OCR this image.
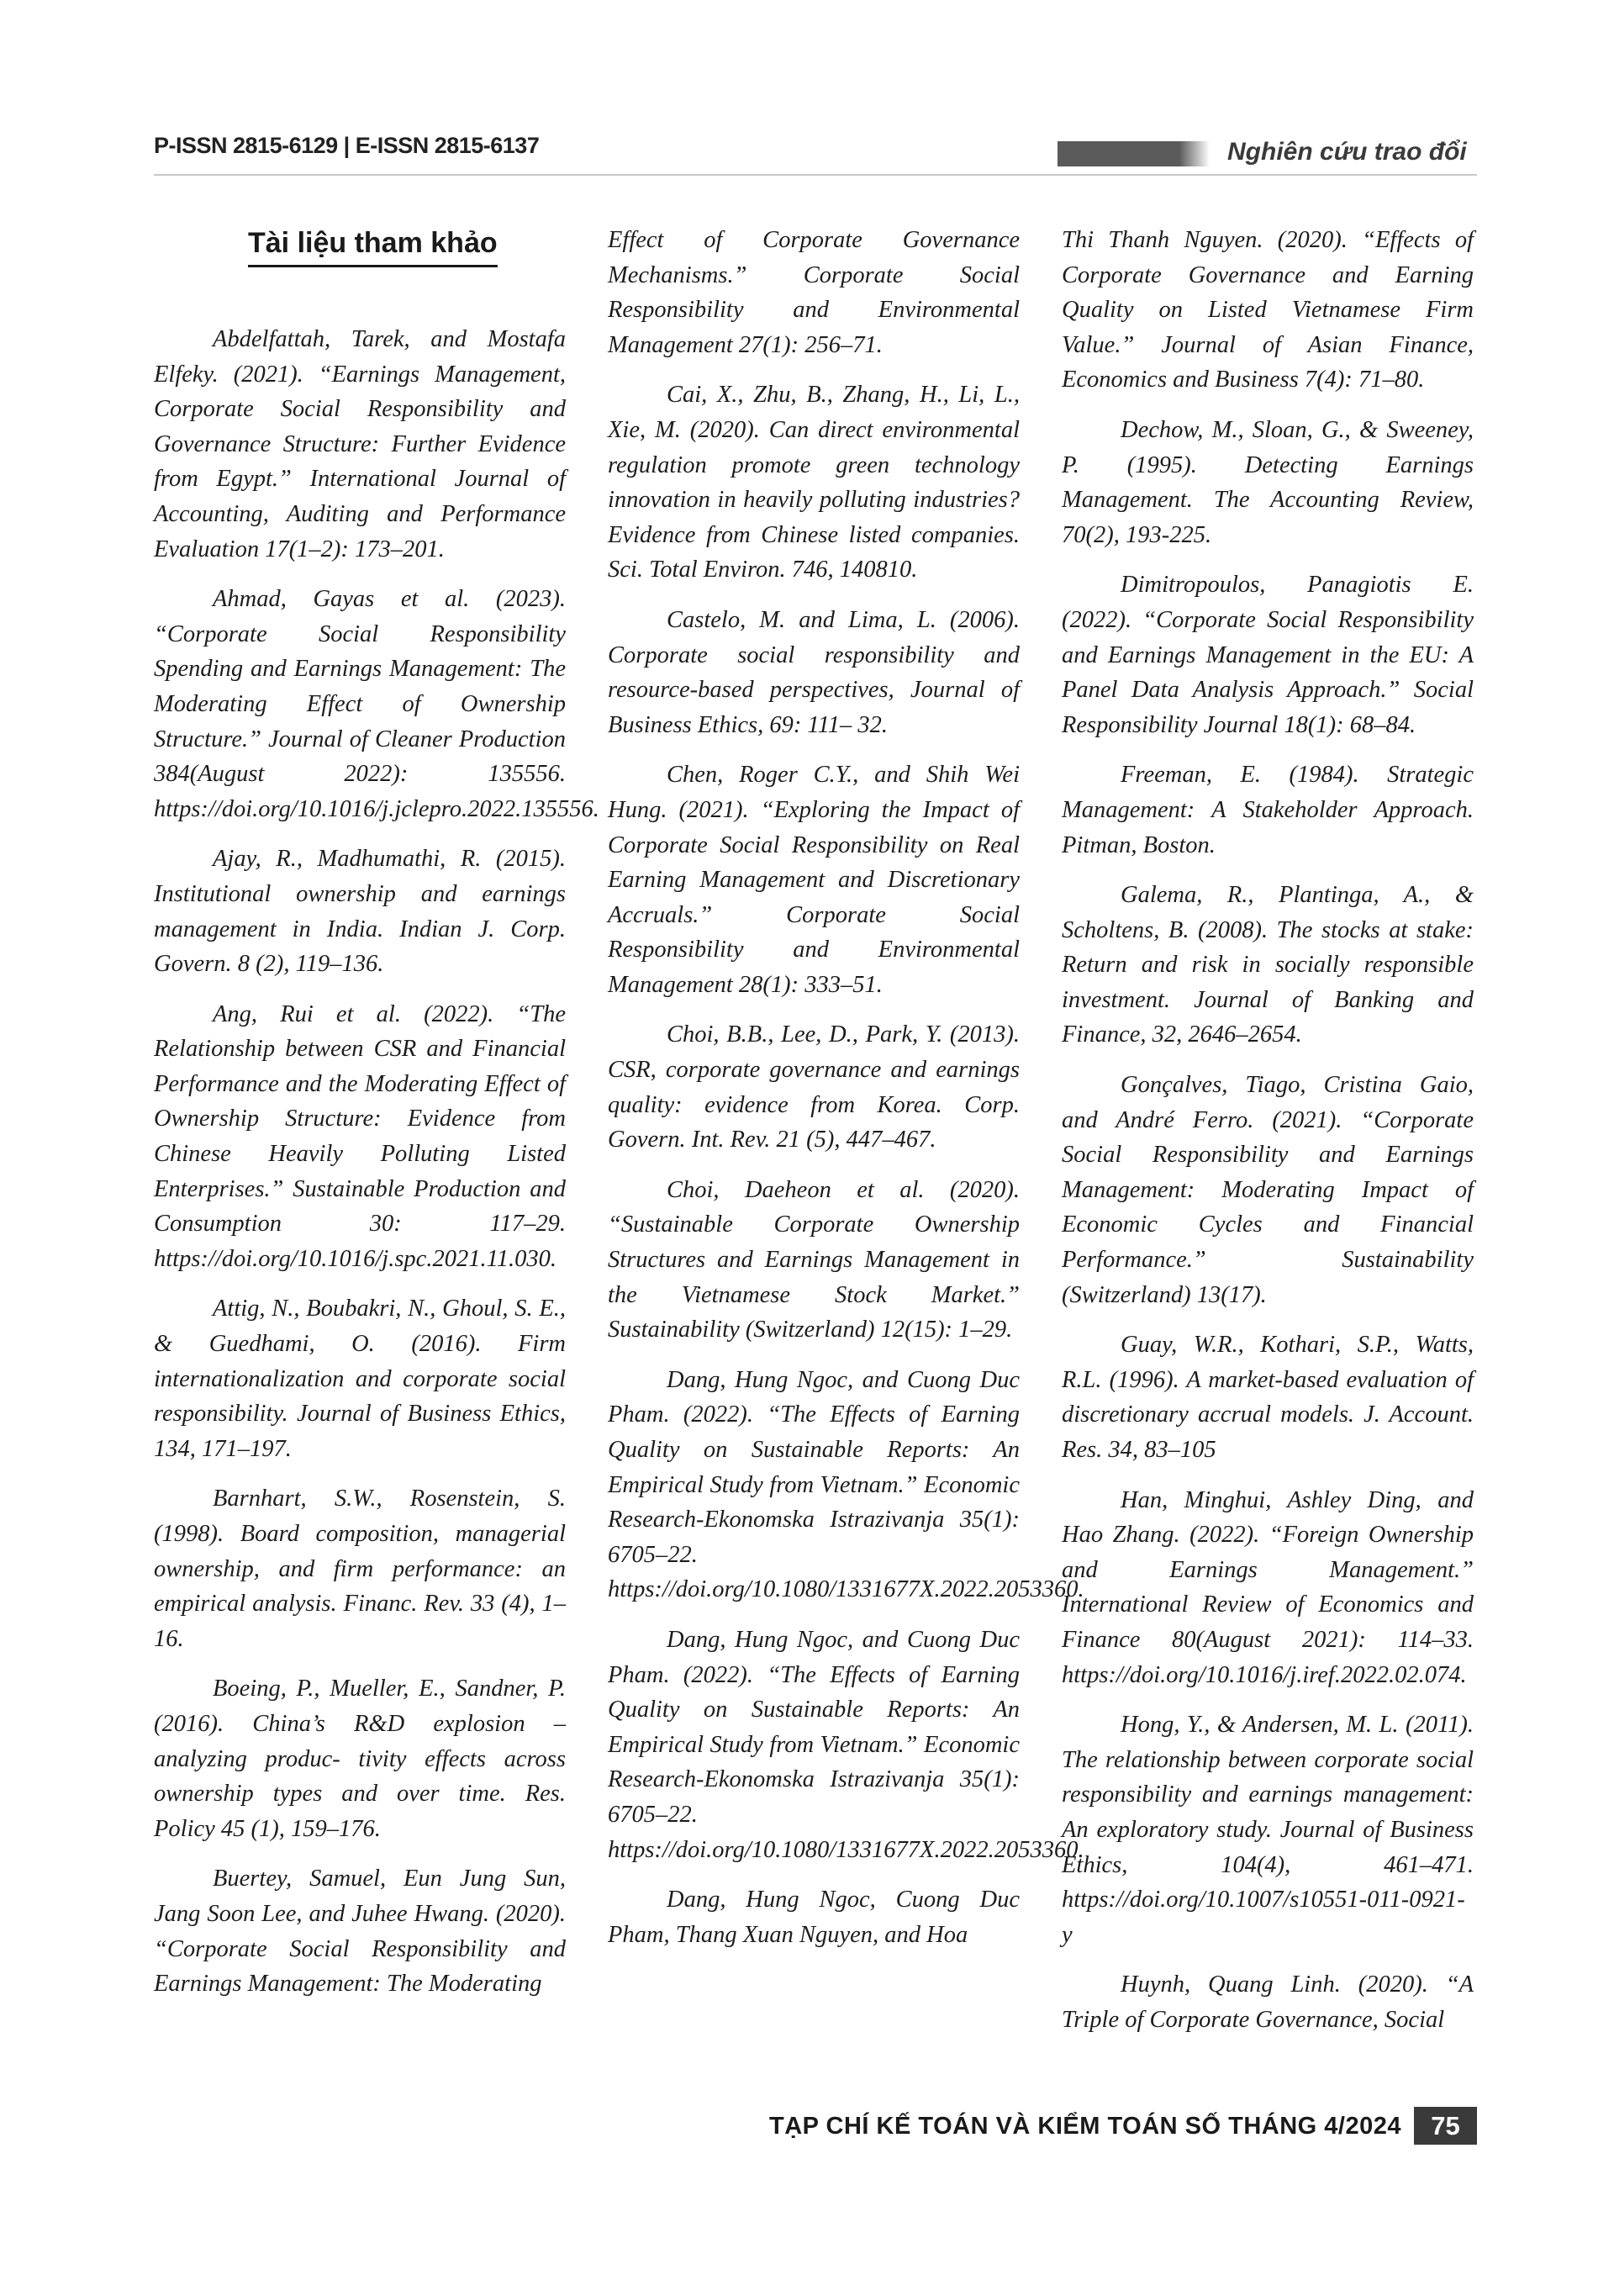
P-ISSN 2815-6129 | E-ISSN 2815-6137	Nghiên cứu trao đổi
Tài liệu tham khảo

Abdelfattah, Tarek, and Mostafa Elfeky. (2021). “Earnings Management, Corporate Social Responsibility and Governance Structure: Further Evidence from Egypt.” International Journal of Accounting, Auditing and Performance Evaluation 17(1–2): 173–201.

Ahmad, Gayas et al. (2023). “Corporate Social Responsibility Spending and Earnings Management: The Moderating Effect of Ownership Structure.” Journal of Cleaner Production 384(August 2022): 135556. https://doi.org/10.1016/j.jclepro.2022.135556.

Ajay, R., Madhumathi, R. (2015). Institutional ownership and earnings management in India. Indian J. Corp. Govern. 8 (2), 119–136.

Ang, Rui et al. (2022). “The Relationship between CSR and Financial Performance and the Moderating Effect of Ownership Structure: Evidence from Chinese Heavily Polluting Listed Enterprises.” Sustainable Production and Consumption 30: 117–29. https://doi.org/10.1016/j.spc.2021.11.030.

Attig, N., Boubakri, N., Ghoul, S. E., & Guedhami, O. (2016). Firm internationalization and corporate social responsibility. Journal of Business Ethics, 134, 171–197.

Barnhart, S.W., Rosenstein, S. (1998). Board composition, managerial ownership, and firm performance: an empirical analysis. Financ. Rev. 33 (4), 1–16.

Boeing, P., Mueller, E., Sandner, P. (2016). China’s R&D explosion – analyzing produc- tivity effects across ownership types and over time. Res. Policy 45 (1), 159–176.

Buertey, Samuel, Eun Jung Sun, Jang Soon Lee, and Juhee Hwang. (2020). “Corporate Social Responsibility and Earnings Management: The Moderating

Effect of Corporate Governance Mechanisms.” Corporate Social Responsibility and Environmental Management 27(1): 256–71.

Cai, X., Zhu, B., Zhang, H., Li, L., Xie, M. (2020). Can direct environmental regulation promote green technology innovation in heavily polluting industries? Evidence from Chinese listed companies. Sci. Total Environ. 746, 140810.

Castelo, M. and Lima, L. (2006). Corporate social responsibility and resource-based perspectives, Journal of Business Ethics, 69: 111– 32.

Chen, Roger C.Y., and Shih Wei Hung. (2021). “Exploring the Impact of Corporate Social Responsibility on Real Earning Management and Discretionary Accruals.” Corporate Social Responsibility and Environmental Management 28(1): 333–51.

Choi, B.B., Lee, D., Park, Y. (2013). CSR, corporate governance and earnings quality: evidence from Korea. Corp. Govern. Int. Rev. 21 (5), 447–467.

Choi, Daeheon et al. (2020). “Sustainable Corporate Ownership Structures and Earnings Management in the Vietnamese Stock Market.” Sustainability (Switzerland) 12(15): 1–29.

Dang, Hung Ngoc, and Cuong Duc Pham. (2022). “The Effects of Earning Quality on Sustainable Reports: An Empirical Study from Vietnam.” Economic Research-Ekonomska Istrazivanja 35(1): 6705–22. https://doi.org/10.1080/1331677X.2022.2053360.

Dang, Hung Ngoc, and Cuong Duc Pham. (2022). “The Effects of Earning Quality on Sustainable Reports: An Empirical Study from Vietnam.” Economic Research-Ekonomska Istrazivanja 35(1): 6705–22. https://doi.org/10.1080/1331677X.2022.2053360.

Dang, Hung Ngoc, Cuong Duc Pham, Thang Xuan Nguyen, and Hoa

Thi Thanh Nguyen. (2020). “Effects of Corporate Governance and Earning Quality on Listed Vietnamese Firm Value.” Journal of Asian Finance, Economics and Business 7(4): 71–80.

Dechow, M., Sloan, G., & Sweeney, P. (1995). Detecting Earnings Management. The Accounting Review, 70(2), 193-225.

Dimitropoulos, Panagiotis E. (2022). “Corporate Social Responsibility and Earnings Management in the EU: A Panel Data Analysis Approach.” Social Responsibility Journal 18(1): 68–84.

Freeman, E. (1984). Strategic Management: A Stakeholder Approach. Pitman, Boston.

Galema, R., Plantinga, A., & Scholtens, B. (2008). The stocks at stake: Return and risk in socially responsible investment. Journal of Banking and Finance, 32, 2646–2654.

Gonçalves, Tiago, Cristina Gaio, and André Ferro. (2021). “Corporate Social Responsibility and Earnings Management: Moderating Impact of Economic Cycles and Financial Performance.” Sustainability (Switzerland) 13(17).

Guay, W.R., Kothari, S.P., Watts, R.L. (1996). A market-based evaluation of discretionary accrual models. J. Account. Res. 34, 83–105

Han, Minghui, Ashley Ding, and Hao Zhang. (2022). “Foreign Ownership and Earnings Management.” International Review of Economics and Finance 80(August 2021): 114–33. https://doi.org/10.1016/j.iref.2022.02.074.

Hong, Y., & Andersen, M. L. (2011). The relationship between corporate social responsibility and earnings management: An exploratory study. Journal of Business Ethics, 104(4), 461–471. https://doi.org/10.1007/s10551-011-0921-y

Huynh, Quang Linh. (2020). “A Triple of Corporate Governance, Social

TẠP CHÍ KẾ TOÁN VÀ KIỂM TOÁN SỐ THÁNG 4/2024	75
